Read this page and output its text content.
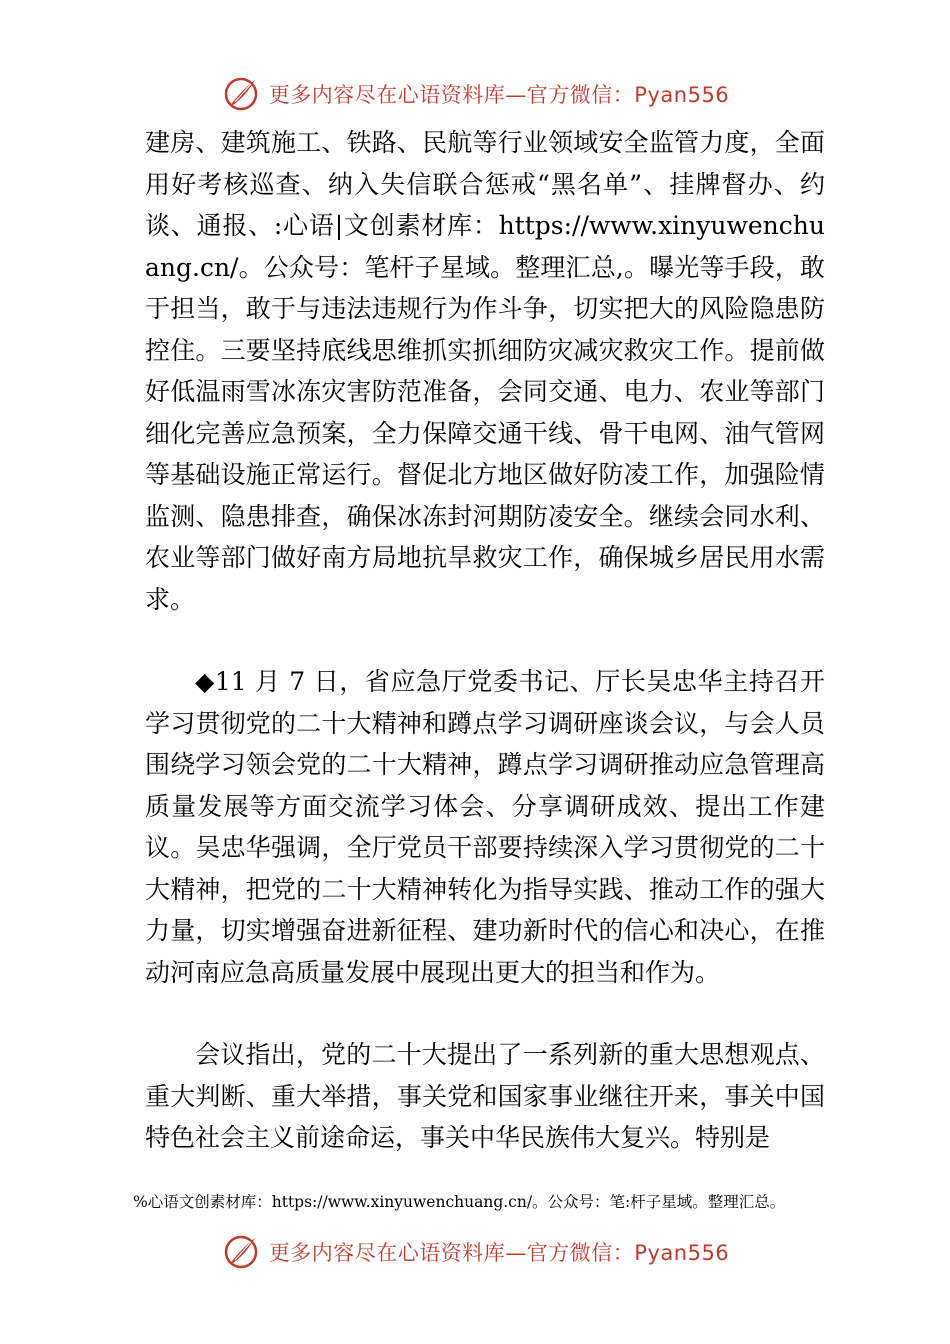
更多内容尽在心语资料库—官方微信：Pyan556

建房、建筑施工、铁路、民航等行业领域安全监管力度，全面用好考核巡查、纳入失信联合惩戒“黑名单”、挂牌督办、约谈、通报、:心语|文创素材库：https://www.xinyuwenchuang.cn/。公众号：笔杆子星域。整理汇总,。曝光等手段，敢于担当，敢于与违法违规行为作斗争，切实把大的风险隐患防控住。三要坚持底线思维抓实抓细防灾减灾救灾工作。提前做好低温雨雪冰冻灾害防范准备，会同交通、电力、农业等部门细化完善应急预案，全力保障交通干线、骨干电网、油气管网等基础设施正常运行。督促北方地区做好防凌工作，加强险情监测、隐患排查，确保冰冻封河期防凌安全。继续会同水利、农业等部门做好南方局地抗旱救灾工作，确保城乡居民用水需求。

◆11 月 7 日，省应急厅党委书记、厅长吴忠华主持召开学习贯彻党的二十大精神和蹲点学习调研座谈会议，与会人员围绕学习领会党的二十大精神，蹲点学习调研推动应急管理高质量发展等方面交流学习体会、分享调研成效、提出工作建议。吴忠华强调，全厅党员干部要持续深入学习贯彻党的二十大精神，把党的二十大精神转化为指导实践、推动工作的强大力量，切实增强奋进新征程、建功新时代的信心和决心，在推动河南应急高质量发展中展现出更大的担当和作为。

会议指出，党的二十大提出了一系列新的重大思想观点、重大判断、重大举措，事关党和国家事业继往开来，事关中国特色社会主义前途命运，事关中华民族伟大复兴。特别是

%心语文创素材库：https://www.xinyuwenchuang.cn/。公众号：笔:杆子星域。整理汇总。
更多内容尽在心语资料库—官方微信：Pyan556
